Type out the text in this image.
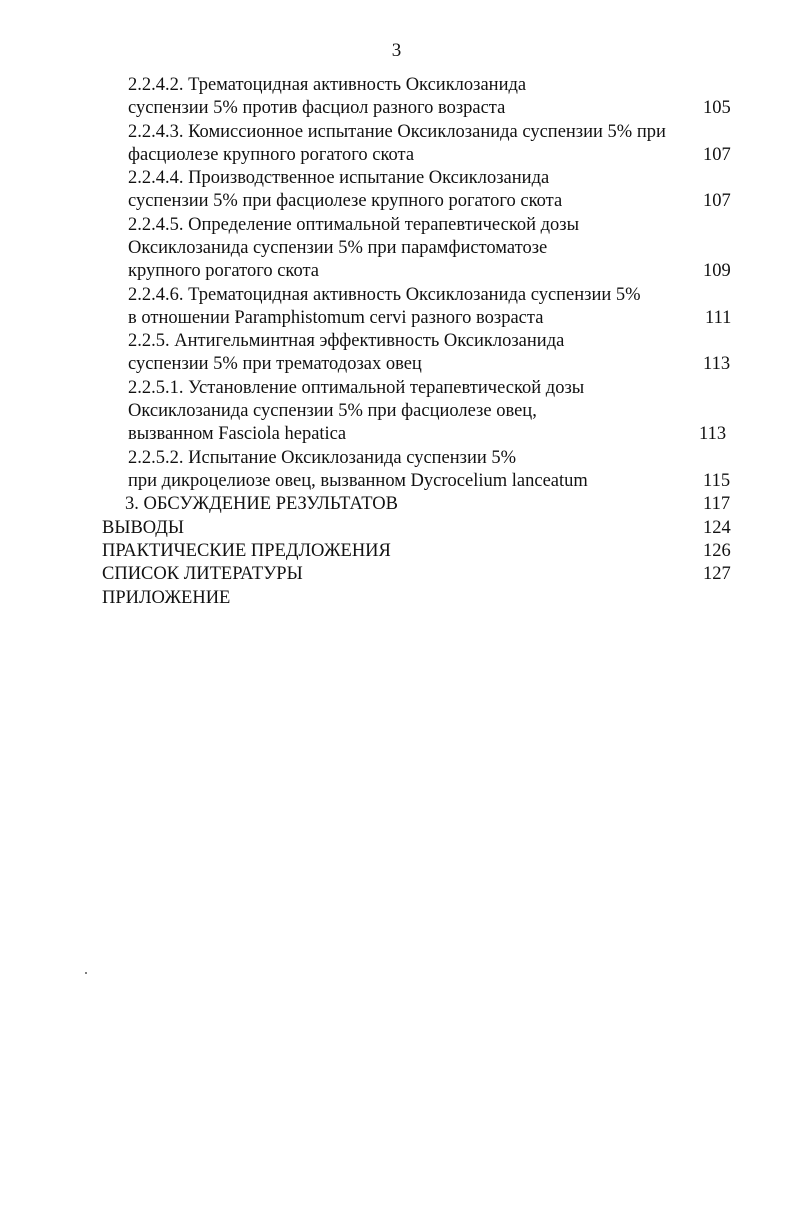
3
2.2.4.2. Трематоцидная активность Оксиклозанида
суспензии 5% против фасциол разного возраста	105
2.2.4.3. Комиссионное испытание Оксиклозанида суспензии 5% при
фасциолезе крупного рогатого скота	107
2.2.4.4. Производственное испытание Оксиклозанида
суспензии 5% при фасциолезе крупного рогатого скота	107
2.2.4.5. Определение оптимальной терапевтической дозы
Оксиклозанида суспензии 5% при парамфистоматозе
крупного рогатого скота	109
2.2.4.6. Трематоцидная активность Оксиклозанида суспензии 5%
в отношении Paramphistomum cervi разного возраста	111
2.2.5. Антигельминтная эффективность Оксиклозанида
суспензии 5% при трематодозах овец	113
2.2.5.1. Установление оптимальной терапевтической дозы
Оксиклозанида суспензии 5% при фасциолезе овец,
вызванном Fasciola hepatica	113
2.2.5.2. Испытание Оксиклозанида суспензии 5%
при дикроцелиозе овец, вызванном Dycrocelium lanceatum	115
3. ОБСУЖДЕНИЕ РЕЗУЛЬТАТОВ	117
ВЫВОДЫ	124
ПРАКТИЧЕСКИЕ ПРЕДЛОЖЕНИЯ	126
СПИСОК ЛИТЕРАТУРЫ	127
ПРИЛОЖЕНИЕ
